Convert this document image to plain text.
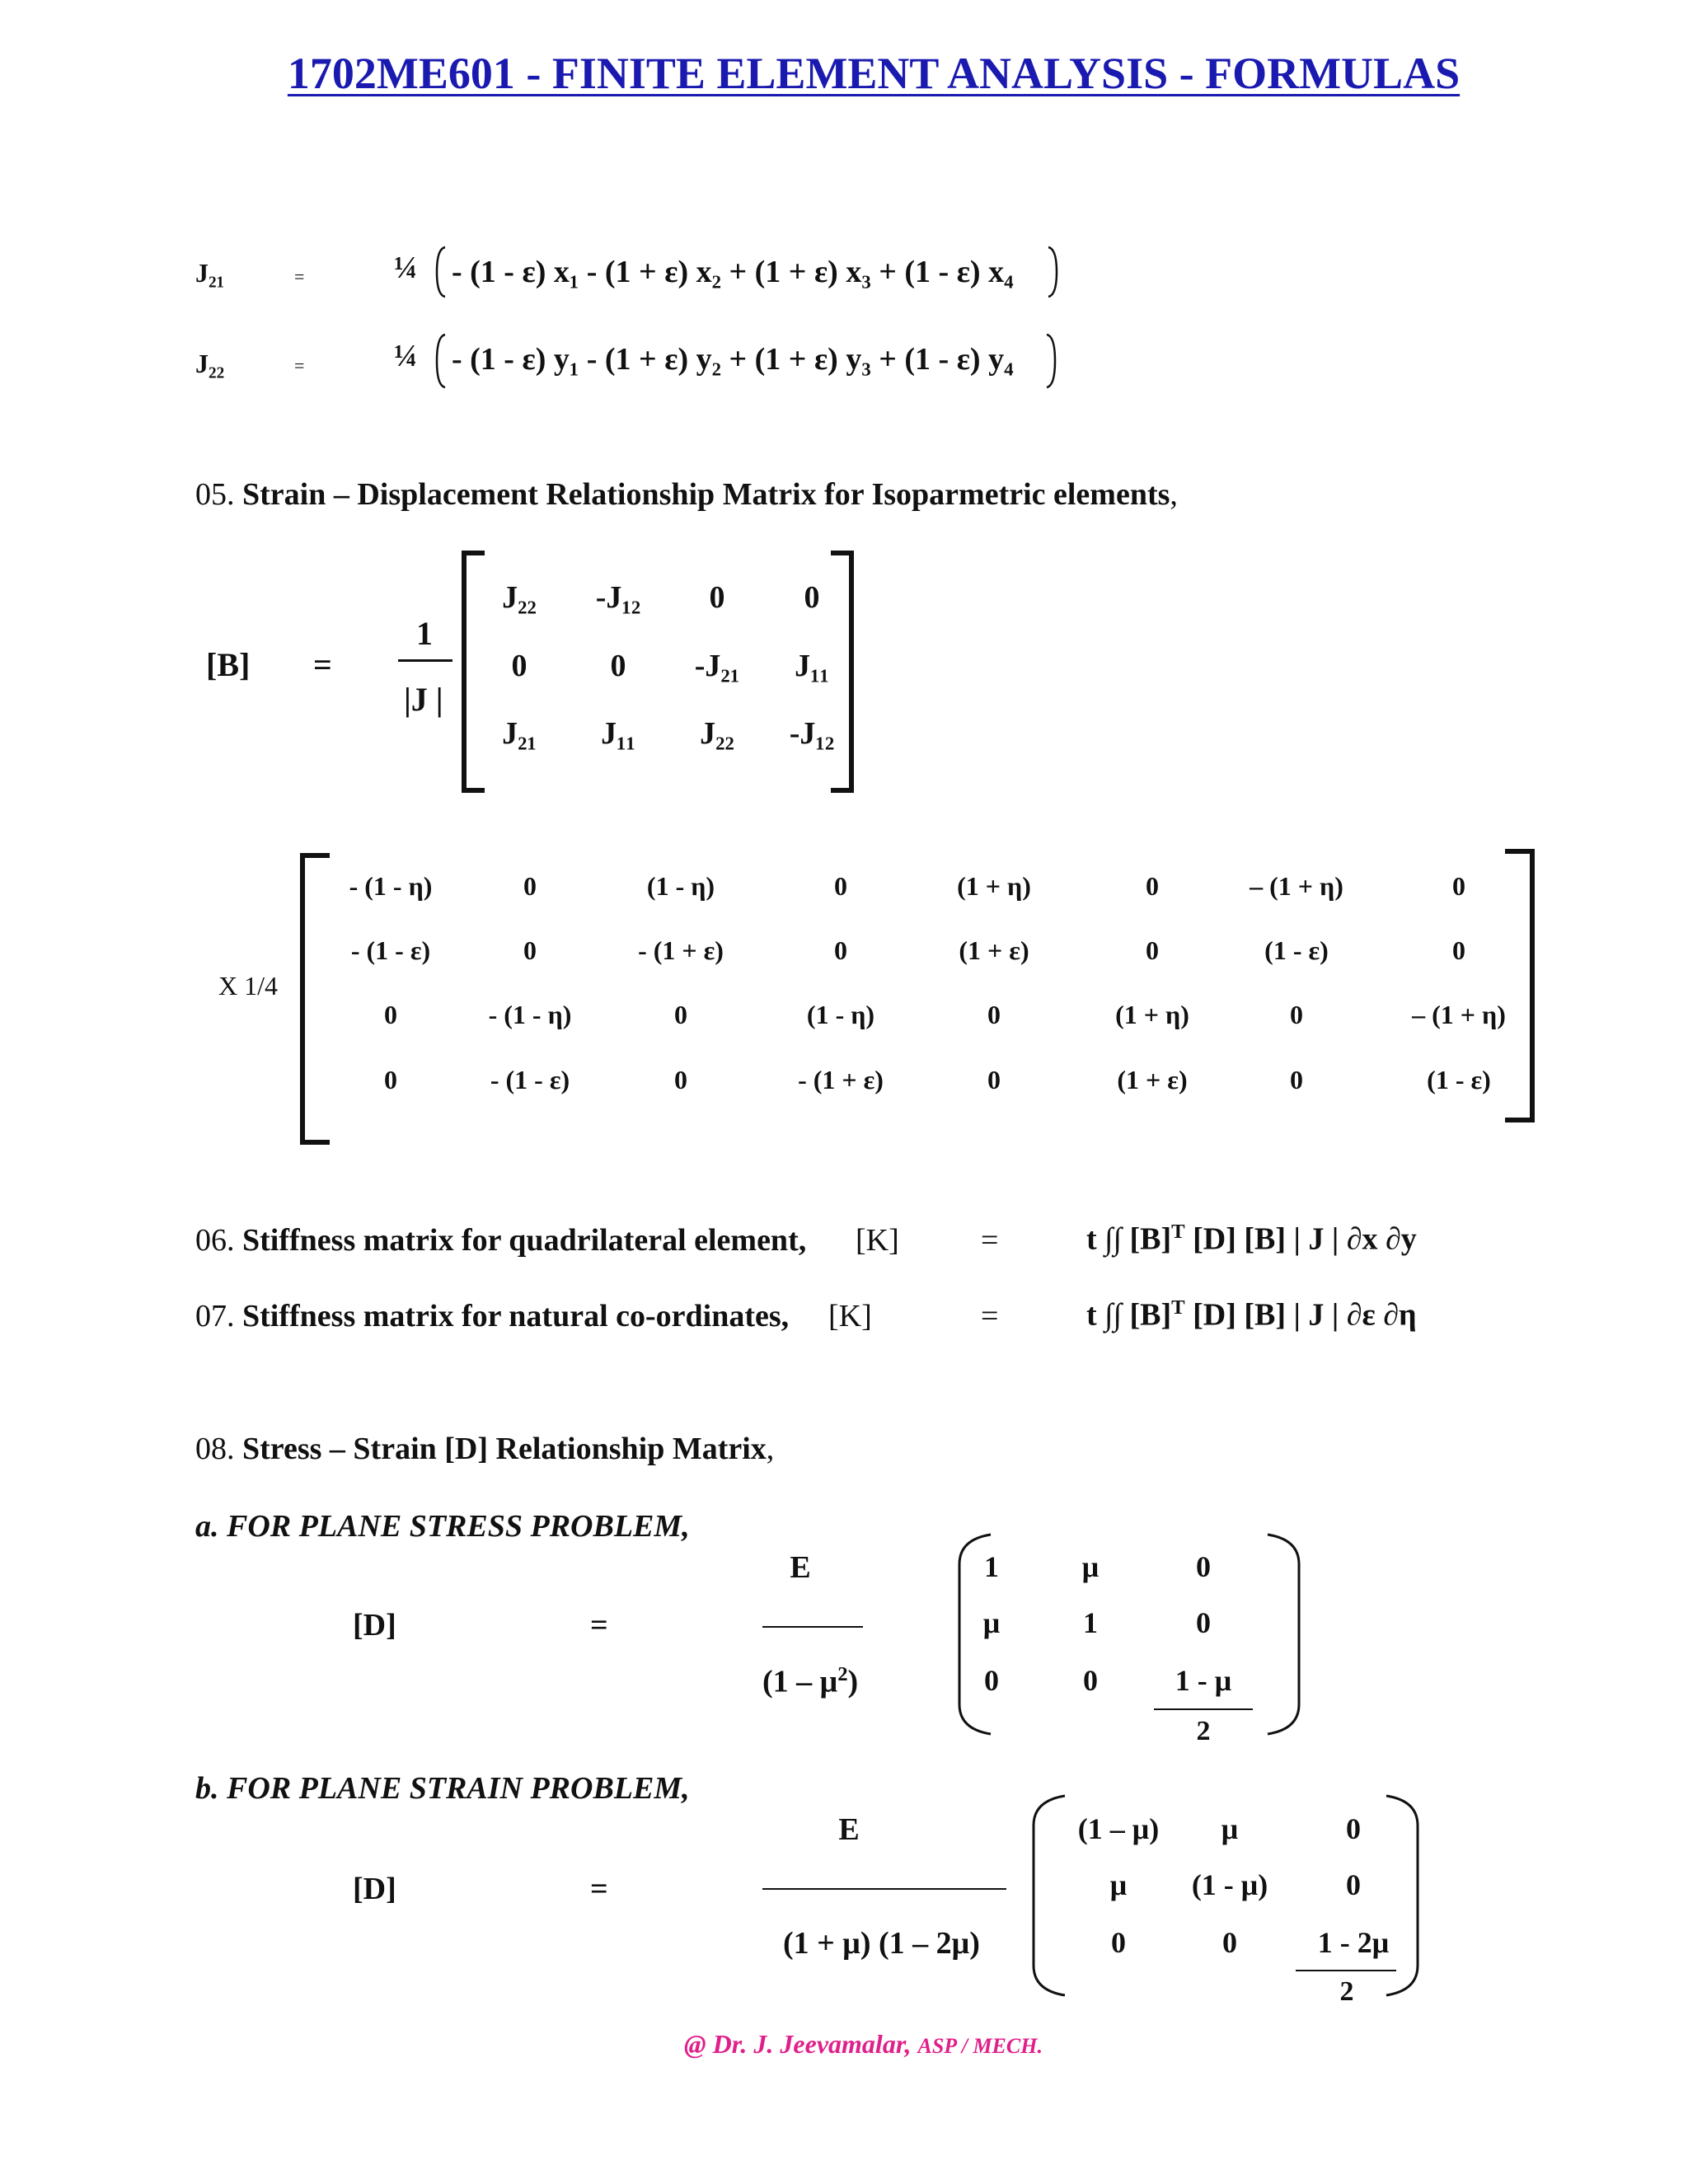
1702ME601 - FINITE ELEMENT ANALYSIS - FORMULAS
J₂₁	=	¼ - (1 - ε) x₁ - (1 + ε) x₂ + (1 + ε) x₃ + (1 - ε) x₄
J₂₂	=	¼ - (1 - ε) y₁ - (1 + ε) y₂ + (1 + ε) y₃ + (1 - ε) y₄
05. Strain – Displacement Relationship Matrix for Isoparmetric elements,
[B] =
1
|J |
J₂₂ -J₁₂ 0	0
0	0 -J₂₁ J₁₁
J₂₁ J₁₁ J₂₂ -J₁₂
X 1/4
- (1 - η)	0	(1 - η)	0	(1 + η)	0	– (1 + η)	0
- (1 - ε)	0	- (1 + ε)	0	(1 + ε)	0	(1 - ε)	0
0	- (1 - η)	0	(1 - η)	0	(1 + η)	0	– (1 + η)
0	- (1 - ε)	0	- (1 + ε)	0	(1 + ε)	0	(1 - ε)
06. Stiffness matrix for quadrilateral element, [K]	=	t ∫∫ $[B]^T$ [D] [B] | J | ∂x ∂y
07. Stiffness matrix for natural co-ordinates, [K]	=	t ∫∫ $[B]^T$ [D] [B] | J | ∂ε ∂η
08. Stress – Strain [D] Relationship Matrix,
a. FOR PLANE STRESS PROBLEM,
[D]	=
E
$(1 - \mu^2)$
1	μ	0
μ	1	0
0	0	1 - μ
2
b. FOR PLANE STRAIN PROBLEM,
[D]	=
E
(1 + μ) (1 – 2μ)
(1 – μ) μ	0
μ (1 - μ)	0
0	0	1 - 2μ
2
@ Dr. J. Jeevamalar, ASP / MECH.
